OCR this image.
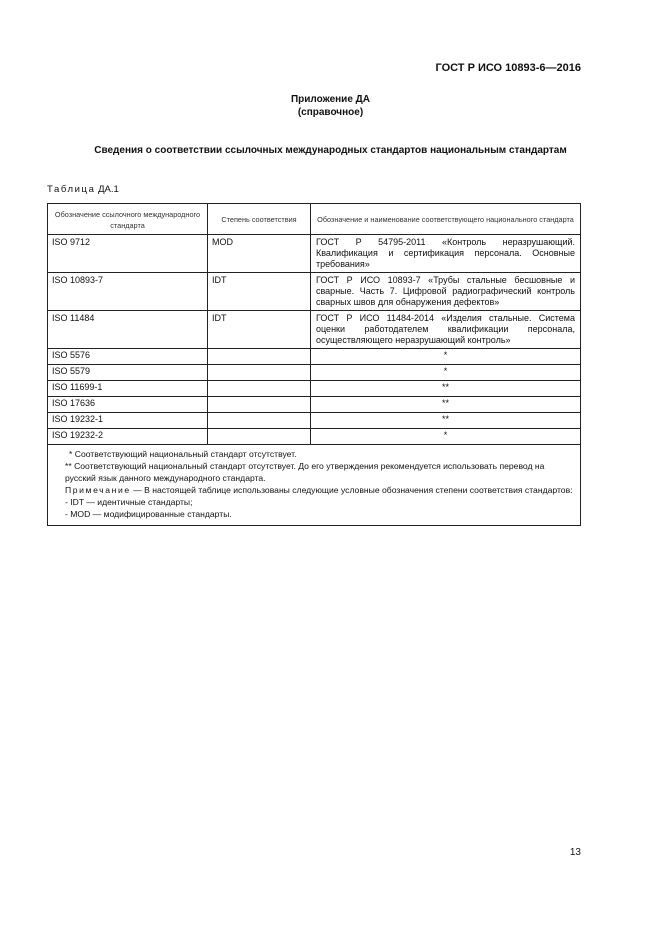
ГОСТ Р ИСО 10893-6—2016
Приложение ДА
(справочное)
Сведения о соответствии ссылочных международных стандартов национальным стандартам
Таблица ДА.1
Обозначение ссылочного международного стандарта	Степень соответствия	Обозначение и наименование соответствующего национального стандарта
ISO 9712	MOD	ГОСТ Р 54795-2011 «Контроль неразрушающий. Квалификация и сертификация персонала. Основные требования»
ISO 10893-7	IDT	ГОСТ Р ИСО 10893-7 «Трубы стальные бесшовные и сварные. Часть 7. Цифровой радиографический контроль сварных швов для обнаружения дефектов»
ISO 11484	IDT	ГОСТ Р ИСО 11484-2014 «Изделия стальные. Система оценки работодателем квалификации персонала, осуществляющего неразрушающий контроль»
ISO 5576		*
ISO 5579		*
ISO 11699-1		**
ISO 17636		**
ISO 19232-1		**
ISO 19232-2		*

* Соответствующий национальный стандарт отсутствует.
** Соответствующий национальный стандарт отсутствует. До его утверждения рекомендуется использовать перевод на русский язык данного международного стандарта.
Примечание — В настоящей таблице использованы следующие условные обозначения степени соответствия стандартов:
- IDT — идентичные стандарты;
- MOD — модифицированные стандарты.		
13
